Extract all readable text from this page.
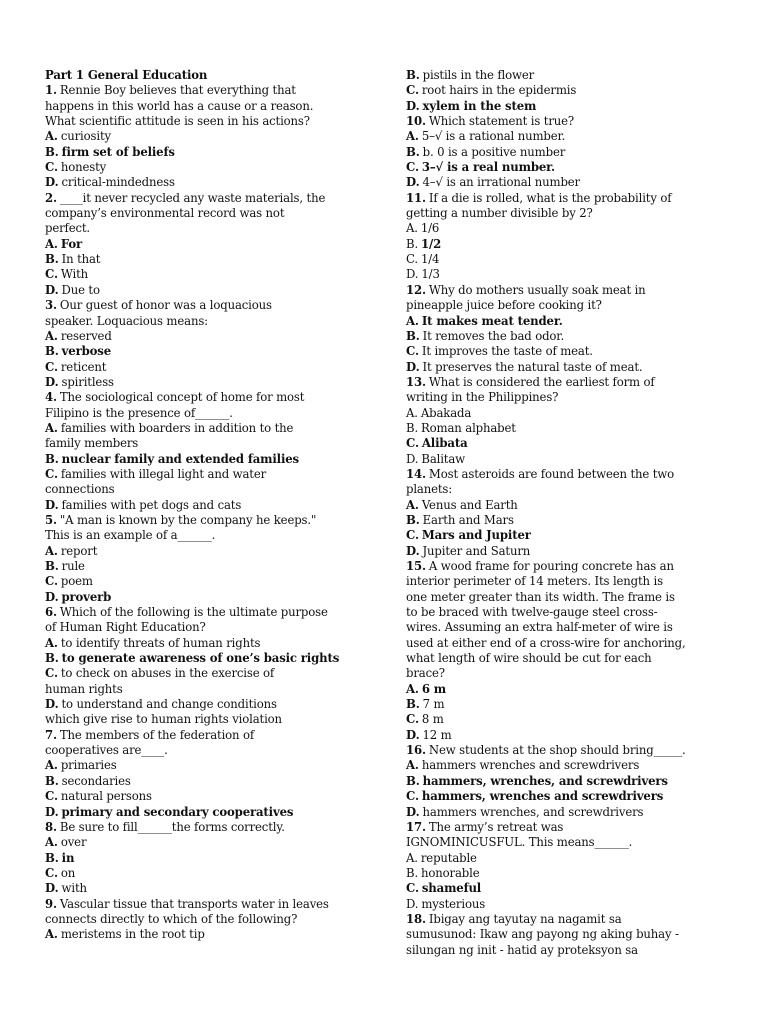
Part 1 General Education
1. Rennie Boy believes that everything that
happens in this world has a cause or a reason.
What scientific attitude is seen in his actions?
A. curiosity
B. firm set of beliefs
C. honesty
D. critical-mindedness
2. ____it never recycled any waste materials, the
company’s environmental record was not
perfect.
A. For
B. In that
C. With
D. Due to
3. Our guest of honor was a loquacious
speaker. Loquacious means:
A. reserved
B. verbose
C. reticent
D. spiritless
4. The sociological concept of home for most
Filipino is the presence of______.
A. families with boarders in addition to the
family members
B. nuclear family and extended families
C. families with illegal light and water
connections
D. families with pet dogs and cats
5. "A man is known by the company he keeps."
This is an example of a______.
A. report
B. rule
C. poem
D. proverb
6. Which of the following is the ultimate purpose
of Human Right Education?
A. to identify threats of human rights
B. to generate awareness of one’s basic rights
C. to check on abuses in the exercise of
human rights
D. to understand and change conditions
which give rise to human rights violation
7. The members of the federation of
cooperatives are____.
A. primaries
B. secondaries
C. natural persons
D. primary and secondary cooperatives
8. Be sure to fill______the forms correctly.
A. over
B. in
C. on
D. with
9. Vascular tissue that transports water in leaves
connects directly to which of the following?
A. meristems in the root tip
B. pistils in the flower
C. root hairs in the epidermis
D. xylem in the stem
10. Which statement is true?
A. 5–√ is a rational number.
B. b. 0 is a positive number
C. 3–√ is a real number.
D. 4–√ is an irrational number
11. If a die is rolled, what is the probability of
getting a number divisible by 2?
A. 1/6
B. 1/2
C. 1/4
D. 1/3
12. Why do mothers usually soak meat in
pineapple juice before cooking it?
A. It makes meat tender.
B. It removes the bad odor.
C. It improves the taste of meat.
D. It preserves the natural taste of meat.
13. What is considered the earliest form of
writing in the Philippines?
A. Abakada
B. Roman alphabet
C. Alibata
D. Balitaw
14. Most asteroids are found between the two
planets:
A. Venus and Earth
B. Earth and Mars
C. Mars and Jupiter
D. Jupiter and Saturn
15. A wood frame for pouring concrete has an
interior perimeter of 14 meters. Its length is
one meter greater than its width. The frame is
to be braced with twelve-gauge steel cross-
wires. Assuming an extra half-meter of wire is
used at either end of a cross-wire for anchoring,
what length of wire should be cut for each
brace?
A. 6 m
B. 7 m
C. 8 m
D. 12 m
16. New students at the shop should bring_____.
A. hammers wrenches and screwdrivers
B. hammers, wrenches, and screwdrivers
C. hammers, wrenches and screwdrivers
D. hammers wrenches, and screwdrivers
17. The army’s retreat was
IGNOMINICUSFUL. This means______.
A. reputable
B. honorable
C. shameful
D. mysterious
18. Ibigay ang tayutay na nagamit sa
sumusunod: Ikaw ang payong ng aking buhay -
silungan ng init - hatid ay proteksyon sa
